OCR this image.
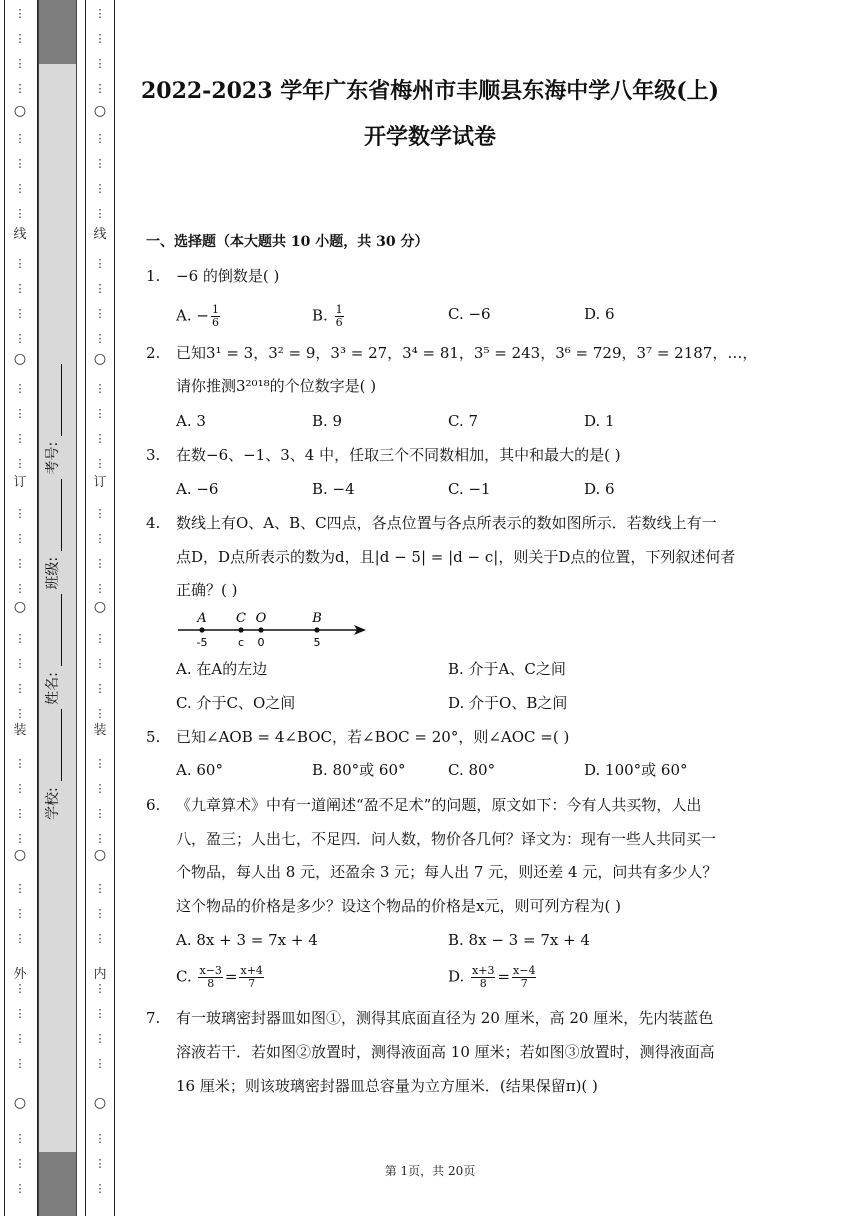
⋮
⋮
⋮
⋮
⋮
⋮
⋮
⋮
⋮
⋮
⋮
⋮
⋮
⋮
⋮
⋮
⋮
⋮
⋮
⋮
⋮
⋮
⋮
⋮
⋮
⋮
⋮
⋮
⋮
⋮
⋮
⋮
⋮
⋮
⋮
⋮
⋮
⋮
○
○
○
○
○
线
订
装
外
⋮
⋮
⋮
⋮
⋮
⋮
⋮
⋮
⋮
⋮
⋮
⋮
⋮
⋮
⋮
⋮
⋮
⋮
⋮
⋮
⋮
⋮
⋮
⋮
⋮
⋮
⋮
⋮
⋮
⋮
⋮
⋮
⋮
⋮
⋮
⋮
⋮
⋮
○
○
○
○
○
线
订
装
内
学校: 姓名: 班级: 考号:
2022-2023 学年广东省梅州市丰顺县东海中学八年级(上)
开学数学试卷
一、选择题（本大题共 10 小题，共 30 分）
1. −6 的倒数是( )
A. − $\frac{1}{6}$	B. $\frac{1}{6}$	C. −6	D. 6
2. 已知3¹ = 3，3² = 9，3³ = 27，3⁴ = 81，3⁵ = 243，3⁶ = 729，3⁷ = 2187，…，
请你推测3²⁰¹⁸的个位数字是( )
A. 3	B. 9	C. 7	D. 1
3. 在数−6、−1、3、4 中，任取三个不同数相加，其中和最大的是( )
A. −6	B. −4	C. −1	D. 6
4. 数线上有O、A、B、C四点，各点位置与各点所表示的数如图所示．若数线上有一
点D，D点所表示的数为d，且|d − 5| = |d − c|，则关于D点的位置，下列叙述何者
正确？( )
A
-5
C
c
O
0
B
5
A. 在A的左边	B. 介于A、C之间
C. 介于C、O之间	D. 介于O、B之间
5. 已知∠AOB = 4∠BOC，若∠BOC = 20°，则∠AOC =( )
A. 60°	B. 80°或 60°	C. 80°	D. 100°或 60°
6. 《九章算术》中有一道阐述“盈不足术”的问题，原文如下：今有人共买物，人出
八，盈三；人出七，不足四．问人数，物价各几何？译文为：现有一些人共同买一
个物品，每人出 8 元，还盈余 3 元；每人出 7 元，则还差 4 元，问共有多少人？
这个物品的价格是多少？设这个物品的价格是x元，则可列方程为( )
A. 8x + 3 = 7x + 4	B. 8x − 3 = 7x + 4
C. $\frac{x-3}{8} = \frac{x+4}{7}$	D. $\frac{x+3}{8} = \frac{x-4}{7}$
7. 有一玻璃密封器皿如图①，测得其底面直径为 20 厘米，高 20 厘米，先内装蓝色
溶液若干．若如图②放置时，测得液面高 10 厘米；若如图③放置时，测得液面高
16 厘米；则该玻璃密封器皿总容量为立方厘米．(结果保留π)( )
第 1页，共 20页
